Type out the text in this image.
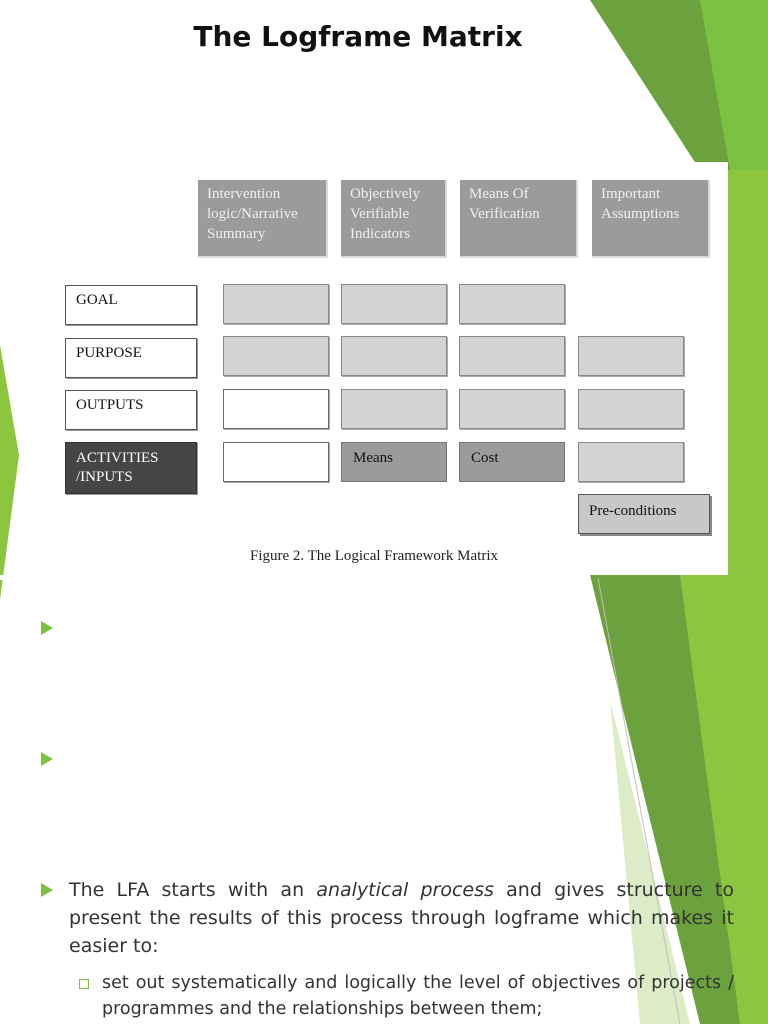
The Logframe Matrix
Intervention logic/Narrative Summary
Objectively Verifiable Indicators
Means Of Verification
Important Assumptions
GOAL
PURPOSE
OUTPUTS
ACTIVITIES /INPUTS
Means	Cost
Pre-conditions
Figure 2. The Logical Framework Matrix
The LFA starts with an analytical process and gives structure to present the results of this process through logframe which makes it easier to:
set out systematically and logically the level of objectives of projects / programmes and the relationships between them;
